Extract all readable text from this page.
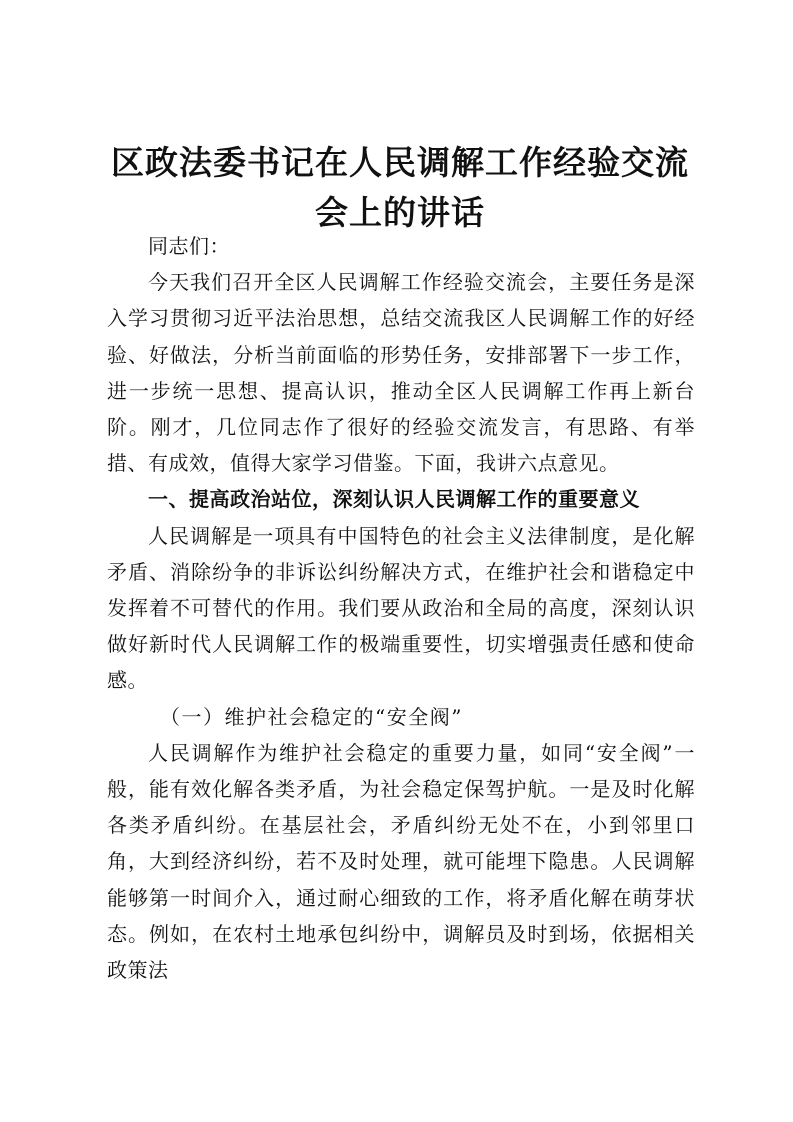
区政法委书记在人民调解工作经验交流会上的讲话

同志们：

今天我们召开全区人民调解工作经验交流会，主要任务是深入学习贯彻习近平法治思想，总结交流我区人民调解工作的好经验、好做法，分析当前面临的形势任务，安排部署下一步工作，进一步统一思想、提高认识，推动全区人民调解工作再上新台阶。刚才，几位同志作了很好的经验交流发言，有思路、有举措、有成效，值得大家学习借鉴。下面，我讲六点意见。

一、提高政治站位，深刻认识人民调解工作的重要意义

人民调解是一项具有中国特色的社会主义法律制度，是化解矛盾、消除纷争的非诉讼纠纷解决方式，在维护社会和谐稳定中发挥着不可替代的作用。我们要从政治和全局的高度，深刻认识做好新时代人民调解工作的极端重要性，切实增强责任感和使命感。

（一）维护社会稳定的“安全阀”

人民调解作为维护社会稳定的重要力量，如同“安全阀”一般，能有效化解各类矛盾，为社会稳定保驾护航。一是及时化解各类矛盾纠纷。在基层社会，矛盾纠纷无处不在，小到邻里口角，大到经济纠纷，若不及时处理，就可能埋下隐患。人民调解能够第一时间介入，通过耐心细致的工作，将矛盾化解在萌芽状态。例如，在农村土地承包纠纷中，调解员及时到场，依据相关政策法
